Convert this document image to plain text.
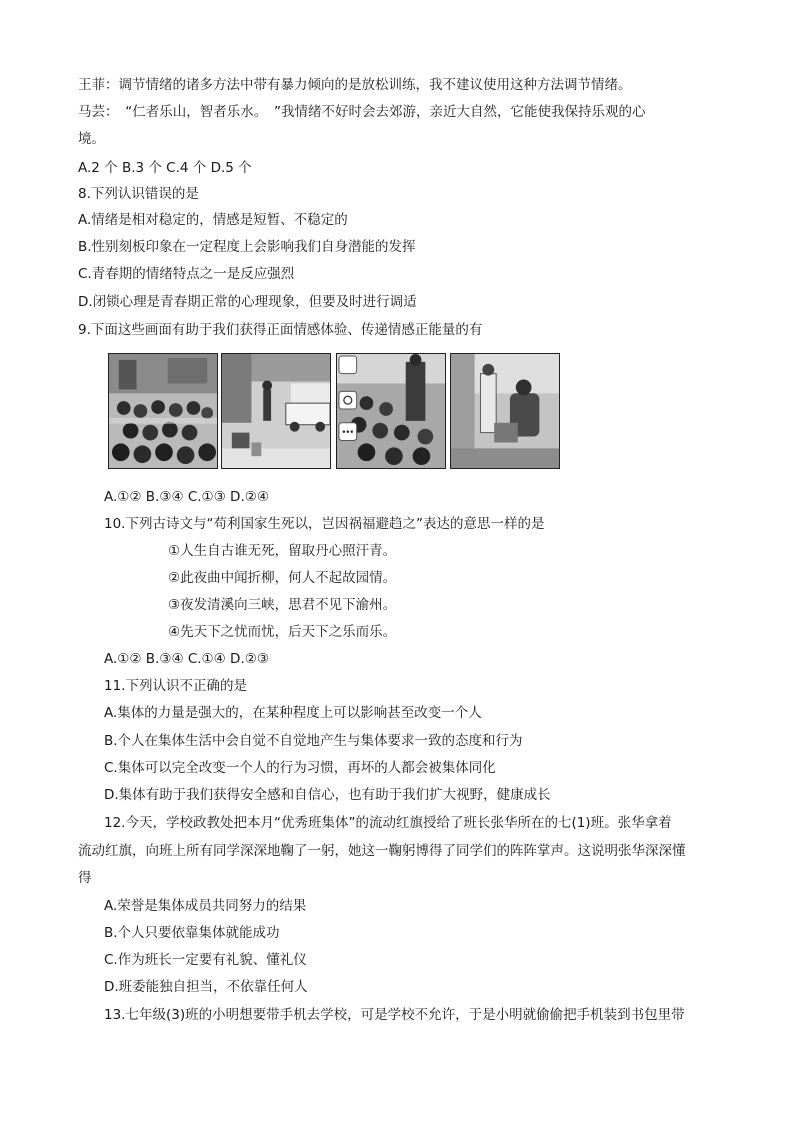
王菲：调节情绪的诸多方法中带有暴力倾向的是放松训练，我不建议使用这种方法调节情绪。
马芸：　“仁者乐山，智者乐水。　”我情绪不好时会去郊游，亲近大自然，它能使我保持乐观的心
境。
A.2 个 B.3 个 C.4 个 D.5 个
8.下列认识错误的是
A.情绪是相对稳定的，情感是短暂、不稳定的
B.性别刻板印象在一定程度上会影响我们自身潜能的发挥
C.青春期的情绪特点之一是反应强烈
D.闭锁心理是青春期正常的心理现象，但要及时进行调适
9.下面这些画面有助于我们获得正面情感体验、传递情感正能量的有
A.①② B.③④ C.①③ D.②④
10.下列古诗文与“苟利国家生死以，岂因祸福避趋之”表达的意思一样的是
①人生自古谁无死，留取丹心照汗青。
②此夜曲中闻折柳，何人不起故园情。
③夜发清溪向三峡，思君不见下渝州。
④先天下之忧而忧，后天下之乐而乐。
A.①② B.③④ C.①④ D.②③
11.下列认识不正确的是
A.集体的力量是强大的，在某种程度上可以影响甚至改变一个人
B.个人在集体生活中会自觉不自觉地产生与集体要求一致的态度和行为
C.集体可以完全改变一个人的行为习惯，再坏的人都会被集体同化
D.集体有助于我们获得安全感和自信心，也有助于我们扩大视野，健康成长
12.今天，学校政教处把本月“优秀班集体”的流动红旗授给了班长张华所在的七(1)班。张华拿着
流动红旗，向班上所有同学深深地鞠了一躬，她这一鞠躬博得了同学们的阵阵掌声。这说明张华深深懂
得
A.荣誉是集体成员共同努力的结果
B.个人只要依靠集体就能成功
C.作为班长一定要有礼貌、懂礼仪
D.班委能独自担当，不依靠任何人
13.七年级(3)班的小明想要带手机去学校，可是学校不允许，于是小明就偷偷把手机装到书包里带
